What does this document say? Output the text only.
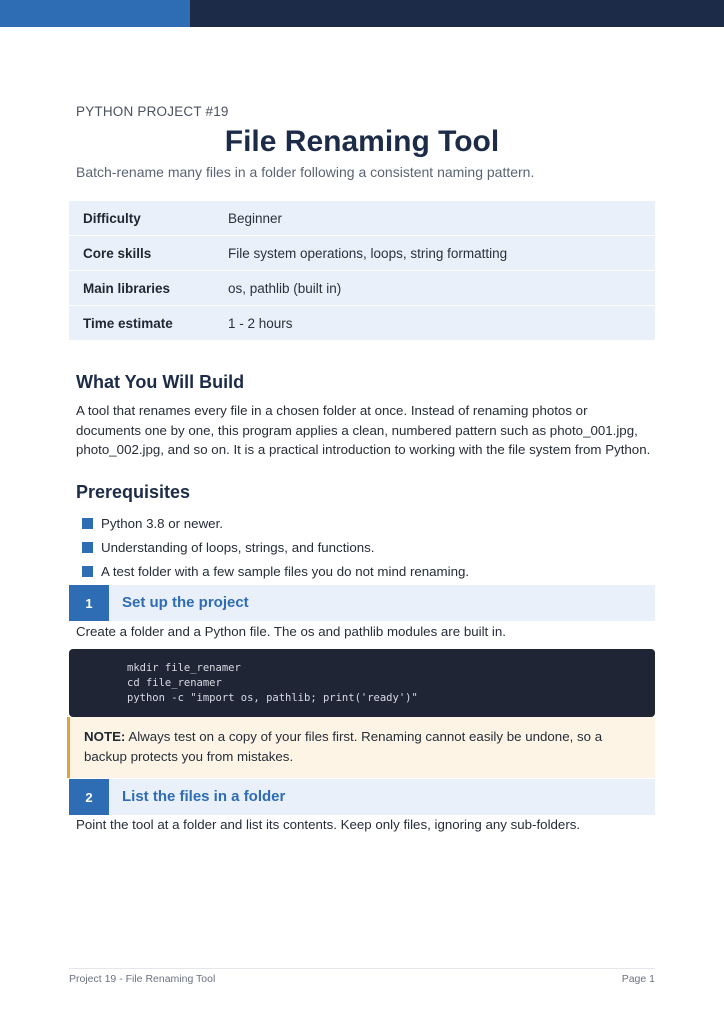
PYTHON PROJECT #19
File Renaming Tool
Batch-rename many files in a folder following a consistent naming pattern.
Difficulty	Beginner
Core skills	File system operations, loops, string formatting
Main libraries	os, pathlib (built in)
Time estimate	1 - 2 hours
What You Will Build

A tool that renames every file in a chosen folder at once. Instead of renaming photos or documents one by one, this program applies a clean, numbered pattern such as photo_001.jpg, photo_002.jpg, and so on. It is a practical introduction to working with the file system from Python.

Prerequisites
Python 3.8 or newer.
Understanding of loops, strings, and functions.
A test folder with a few sample files you do not mind renaming.
1	Set up the project

Create a folder and a Python file. The os and pathlib modules are built in.

mkdir file_renamer
cd file_renamer
python -c "import os, pathlib; print('ready')"

NOTE: Always test on a copy of your files first. Renaming cannot easily be undone, so a backup protects you from mistakes.

2	List the files in a folder

Point the tool at a folder and list its contents. Keep only files, ignoring any sub-folders.

Project 19 - File Renaming Tool	Page 1
